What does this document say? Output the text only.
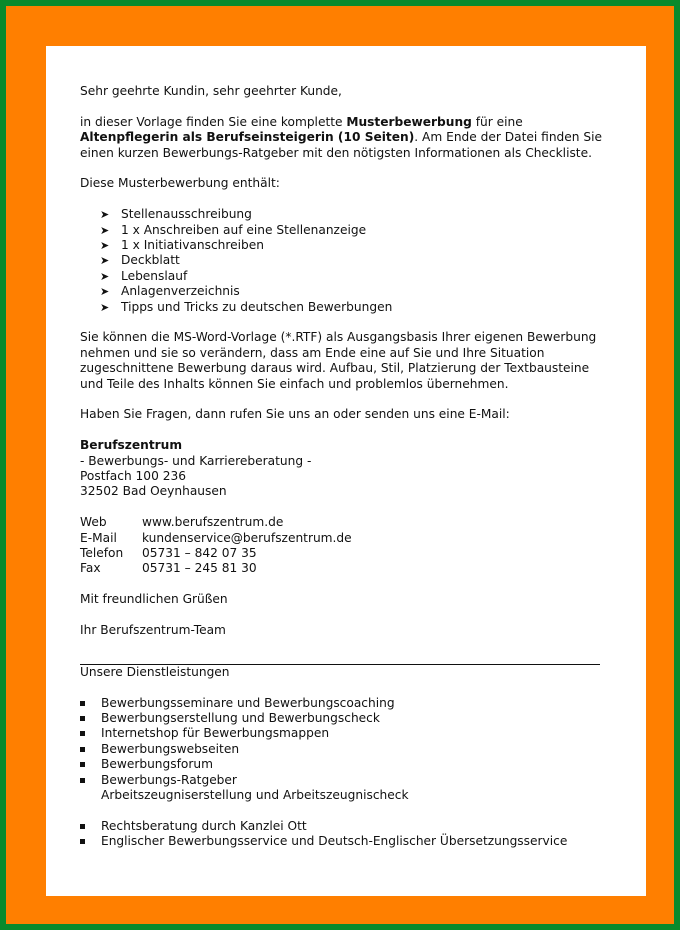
Sehr geehrte Kundin, sehr geehrter Kunde,

in dieser Vorlage finden Sie eine komplette Musterbewerbung für eine Altenpflegerin als Berufseinsteigerin (10 Seiten). Am Ende der Datei finden Sie einen kurzen Bewerbungs-Ratgeber mit den nötigsten Informationen als Checkliste.

Diese Musterbewerbung enthält:

➤ Stellenausschreibung
➤ 1 x Anschreiben auf eine Stellenanzeige
➤ 1 x Initiativanschreiben
➤ Deckblatt
➤ Lebenslauf
➤ Anlagenverzeichnis
➤ Tipps und Tricks zu deutschen Bewerbungen

Sie können die MS-Word-Vorlage (*.RTF) als Ausgangsbasis Ihrer eigenen Bewerbung nehmen und sie so verändern, dass am Ende eine auf Sie und Ihre Situation zugeschnittene Bewerbung daraus wird. Aufbau, Stil, Platzierung der Textbausteine und Teile des Inhalts können Sie einfach und problemlos übernehmen.

Haben Sie Fragen, dann rufen Sie uns an oder senden uns eine E-Mail:

Berufszentrum

- Bewerbungs- und Karriereberatung -

Postfach 100 236

32502 Bad Oeynhausen

Web	www.berufszentrum.de
E-Mail	kundenservice@berufszentrum.de
Telefon	05731 – 842 07 35
Fax	05731 – 245 81 30

Mit freundlichen Grüßen

Ihr Berufszentrum-Team

Unsere Dienstleistungen

Bewerbungsseminare und Bewerbungscoaching
Bewerbungserstellung und Bewerbungscheck
Internetshop für Bewerbungsmappen
Bewerbungswebseiten
Bewerbungsforum
Bewerbungs-Ratgeber
Arbeitszeugniserstellung und Arbeitszeugnischeck
Rechtsberatung durch Kanzlei Ott
Englischer Bewerbungsservice und Deutsch-Englischer Übersetzungsservice
